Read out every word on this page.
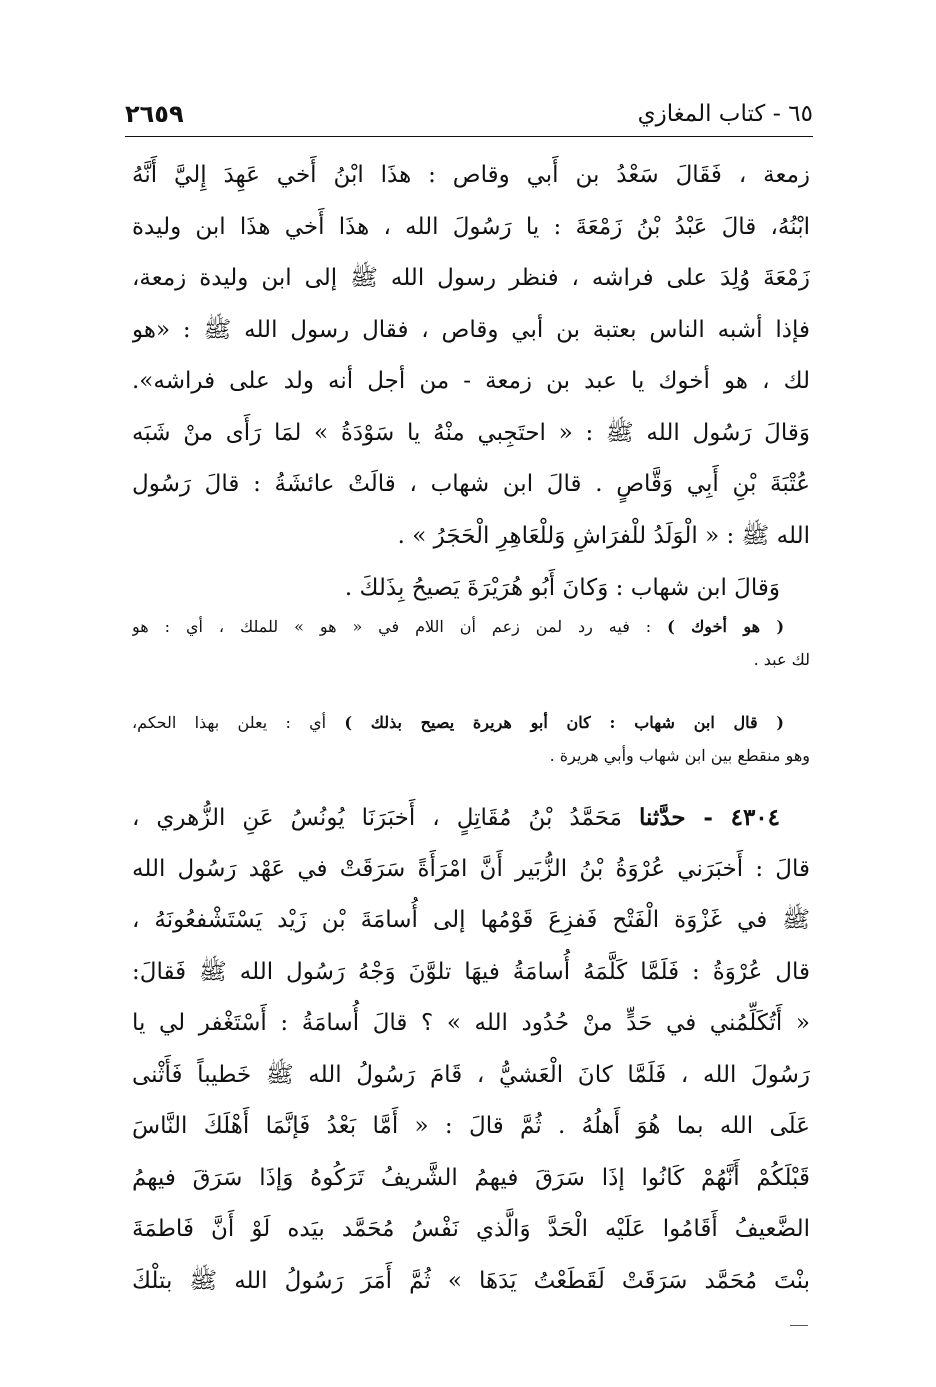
٦٥ - كتاب المغازي
٢٦٥٩
زمعة ، فَقَالَ سَعْدُ بن أَبي وقاص : هذَا ابْنُ أَخي عَهِدَ إِليَّ أَنَّهُ
ابْنُهُ، قالَ عَبْدُ بْنُ زَمْعَةَ : يا رَسُولَ الله ، هذَا أَخي هذَا ابن وليدة
زَمْعَةَ وُلِدَ على فراشه ، فنظر رسول الله ﷺ إلى ابن وليدة زمعة،
فإذا أشبه الناس بعتبة بن أبي وقاص ، فقال رسول الله ﷺ : «هو
لك ، هو أخوك يا عبد بن زمعة - من أجل أنه ولد على فراشه».
وَقالَ رَسُول الله ﷺ : « احتَجِبي منْهُ يا سَوْدَةُ » لمَا رَأَى منْ شَبَه
عُتْبَةَ بْنِ أَبِي وَقَّاصٍ . قالَ ابن شهاب ، قالَتْ عائشَةُ : قالَ رَسُول
الله ﷺ : « الْوَلَدُ للْفرَاشِ وَللْعَاهِرِ الْحَجَرُ » .
وَقالَ ابن شهاب : وَكانَ أَبُو هُرَيْرَةَ يَصيحُ بِذَلكَ .
( هو أخوك ) : فيه رد لمن زعم أن اللام في « هو » للملك ، أي : هو
لك عبد .
( قال ابن شهاب : كان أبو هريرة يصيح بذلك ) أي : يعلن بهذا الحكم،
وهو منقطع بين ابن شهاب وأبي هريرة .
٤٣٠٤ - حدَّثنا مَحَمَّدُ بْنُ مُقَاتِلٍ ، أَخبَرَنَا يُونُسُ عَنِ الزُّهري ،
قالَ : أَخبَرَني عُرْوَةُ بْنُ الزُّبَير أَنَّ امْرَأَةً سَرَقَتْ في عَهْد رَسُول الله
ﷺ في غَزْوَة الْفَتْح فَفزِعَ قَوْمُها إلى أُسامَةَ بْن زَيْد يَسْتَشْفعُونَهُ ،
قال عُرْوَةُ : فَلَمَّا كَلَّمَهُ أُسامَةُ فيهَا تلوَّنَ وَجْهُ رَسُول الله ﷺ فَقالَ:
« أَتُكَلِّمُني في حَدٍّ منْ حُدُود الله » ؟ قالَ أُسامَةُ : أَسْتَغْفر لي يا
رَسُولَ الله ، فَلَمَّا كانَ الْعَشيُّ ، قَامَ رَسُولُ الله ﷺ خَطيباً فَأَثْنى
عَلَى الله بما هُوَ أَهلُهُ . ثُمَّ قالَ : « أَمَّا بَعْدُ فَإنَّمَا أَهْلَكَ النَّاسَ
قَبْلَكُمْ أَنَّهُمْ كَانُوا إذَا سَرَقَ فيهمُ الشَّريفُ تَرَكُوهُ وَإذَا سَرَقَ فيهمُ
الضَّعيفُ أَقَامُوا عَلَيْه الْحَدَّ وَالَّذي نَفْسُ مُحَمَّد بيَده لَوْ أَنَّ فَاطمَةَ
بنْتَ مُحَمَّد سَرَقَتْ لَقَطَعْتُ يَدَهَا » ثُمَّ أَمَرَ رَسُولُ الله ﷺ بتلْكَ
